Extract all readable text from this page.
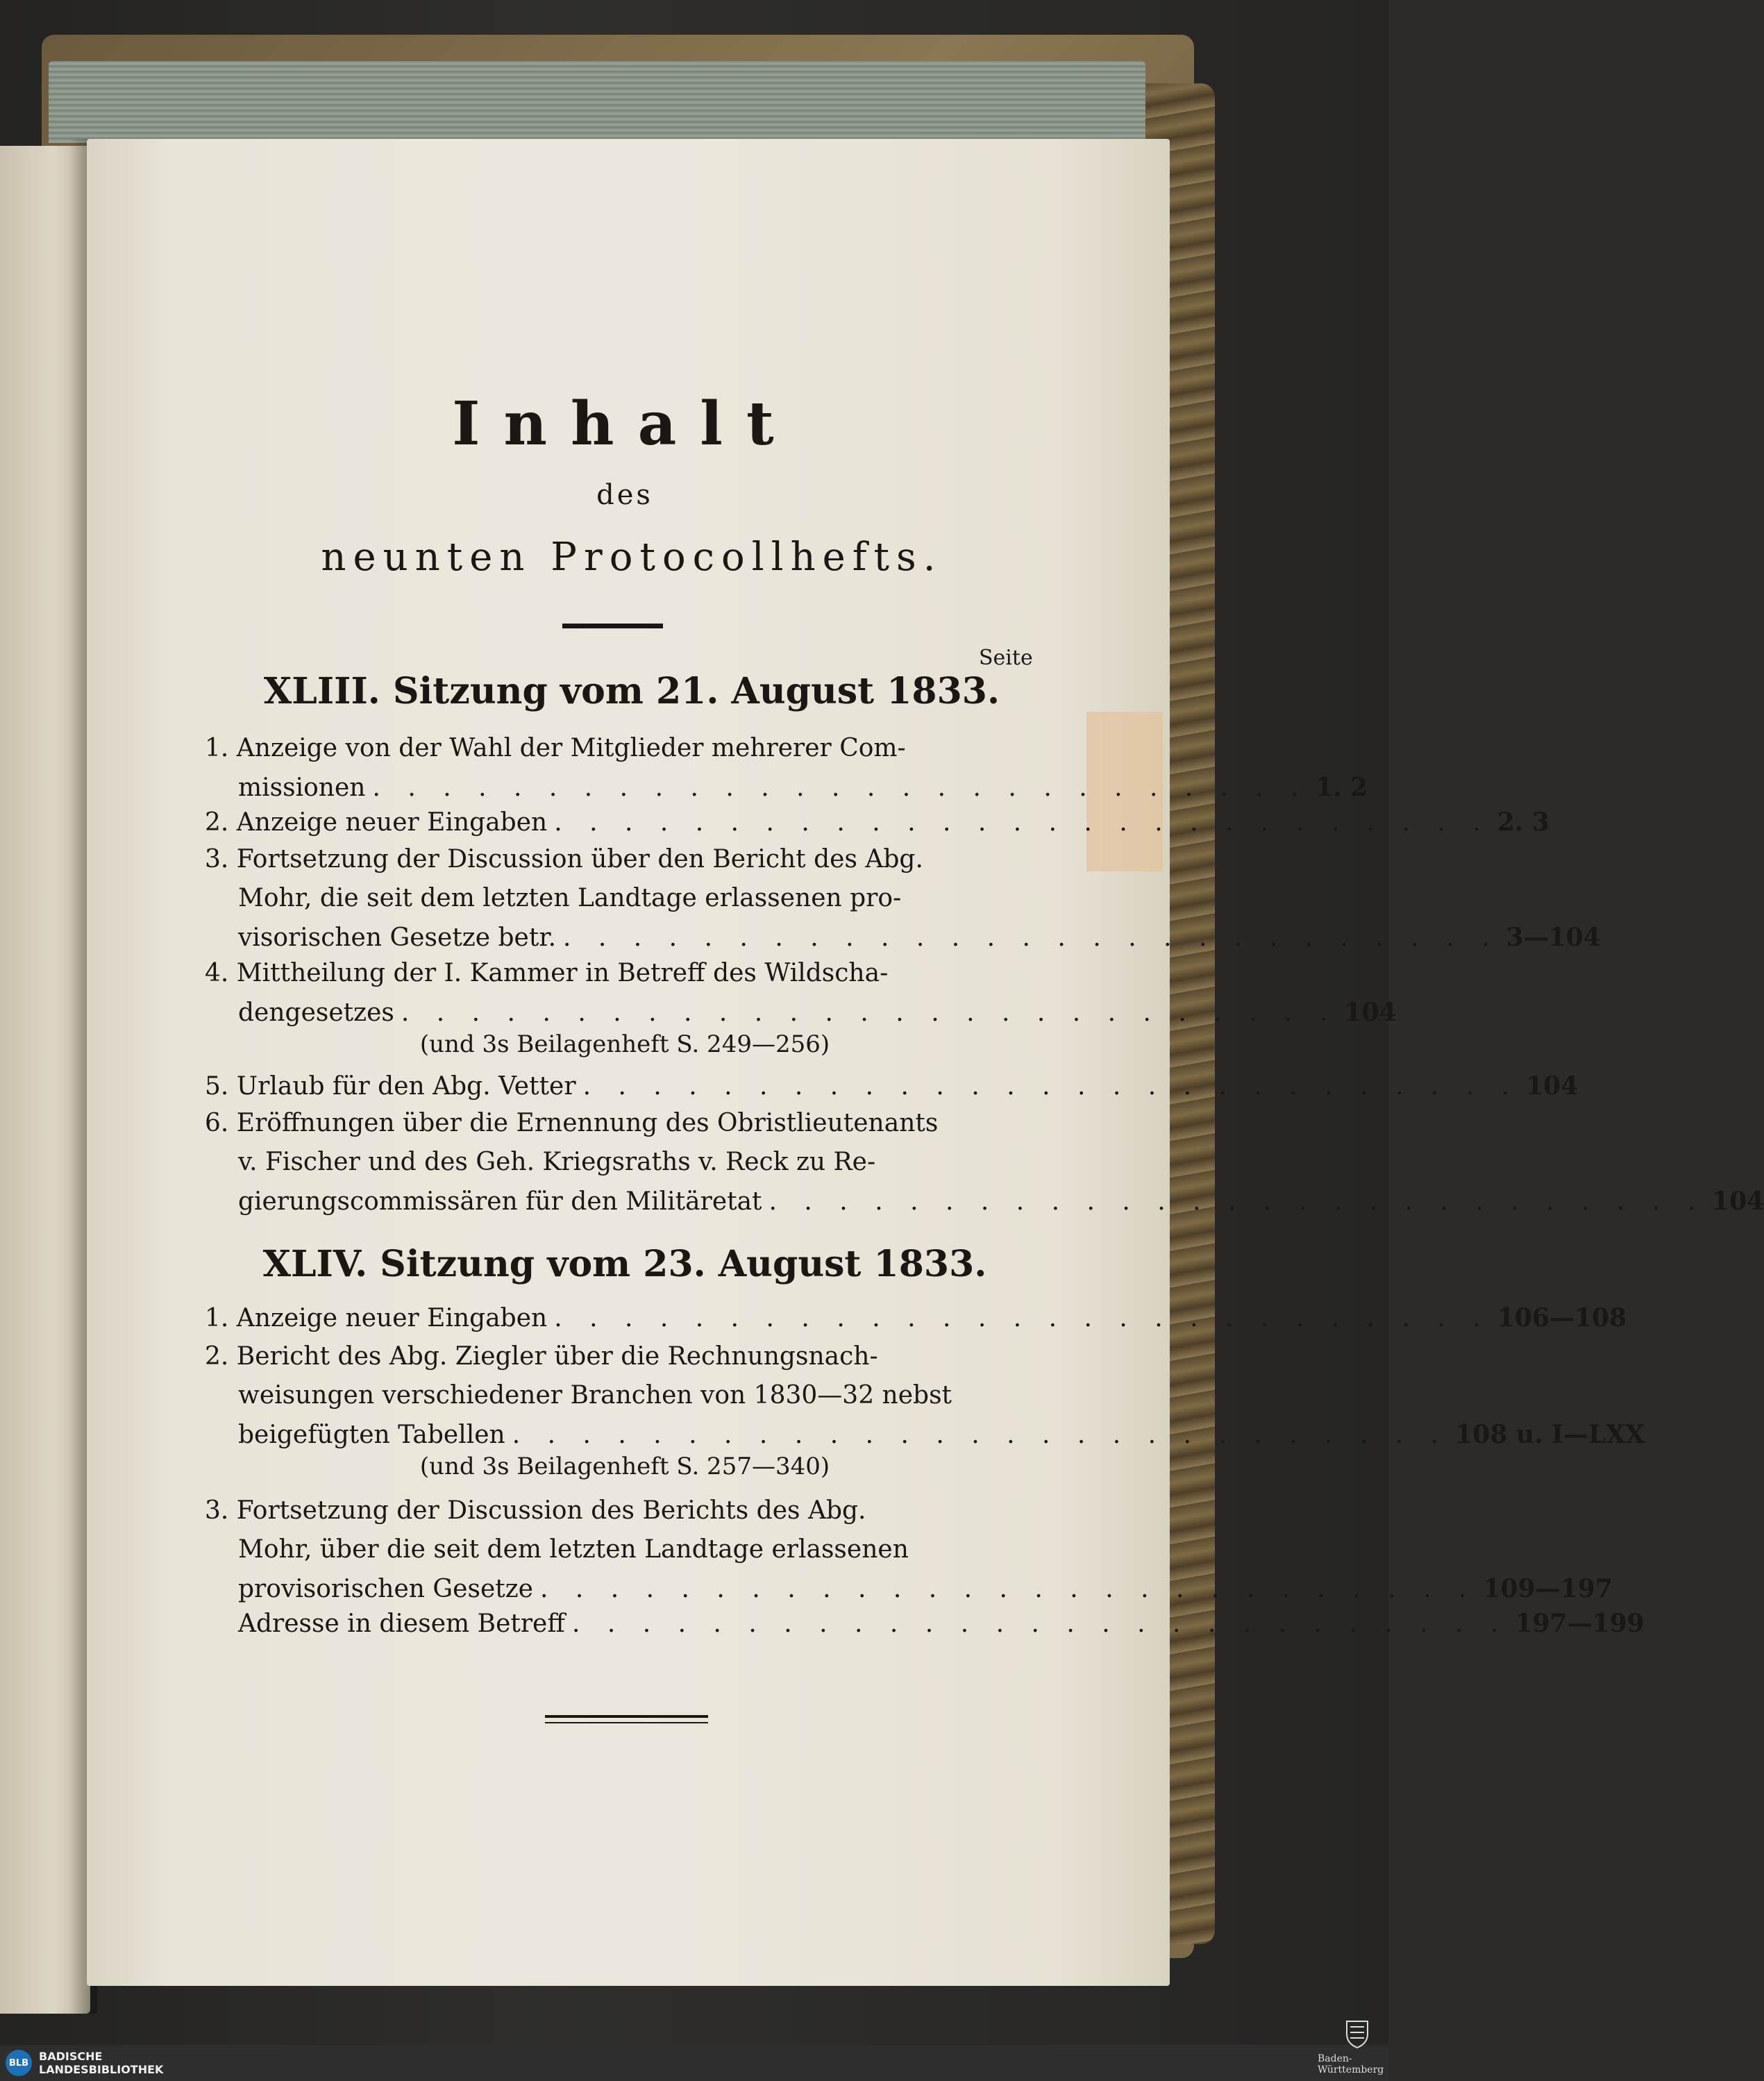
Inhalt
des
neunten Protocollhefts.
Seite
XLIII. Sitzung vom 21. August 1833.
1. Anzeige von der Wahl der Mitglieder mehrerer Com-
missionen . . . . . . . . . . . . . . . . . . . . . . . . . . . 1. 2
2. Anzeige neuer Eingaben . . . . . . . . . . . . . . . . . . . . . . . . . . . 2. 3
3. Fortsetzung der Discussion über den Bericht des Abg.
Mohr, die seit dem letzten Landtage erlassenen pro-
visorischen Gesetze betr. . . . . . . . . . . . . . . . . . . . . . . . . . . . 3—104
4. Mittheilung der I. Kammer in Betreff des Wildscha-
dengesetzes . . . . . . . . . . . . . . . . . . . . . . . . . . . 104
(und 3s Beilagenheft S. 249—256)
5. Urlaub für den Abg. Vetter . . . . . . . . . . . . . . . . . . . . . . . . . . . 104
6. Eröffnungen über die Ernennung des Obristlieutenants
v. Fischer und des Geh. Kriegsraths v. Reck zu Re-
gierungscommissären für den Militäretat . . . . . . . . . . . . . . . . . . . . . . . . . . . 104
XLIV. Sitzung vom 23. August 1833.
1. Anzeige neuer Eingaben . . . . . . . . . . . . . . . . . . . . . . . . . . . 106—108
2. Bericht des Abg. Ziegler über die Rechnungsnach-
weisungen verschiedener Branchen von 1830—32 nebst
beigefügten Tabellen . . . . . . . . . . . . . . . . . . . . . . . . . . . 108 u. I—LXX
(und 3s Beilagenheft S. 257—340)
3. Fortsetzung der Discussion des Berichts des Abg.
Mohr, über die seit dem letzten Landtage erlassenen
provisorischen Gesetze . . . . . . . . . . . . . . . . . . . . . . . . . . . 109—197
Adresse in diesem Betreff . . . . . . . . . . . . . . . . . . . . . . . . . . . 197—199
BLB BADISCHE
LANDESBIBLIOTHEK
Baden-Württemberg
